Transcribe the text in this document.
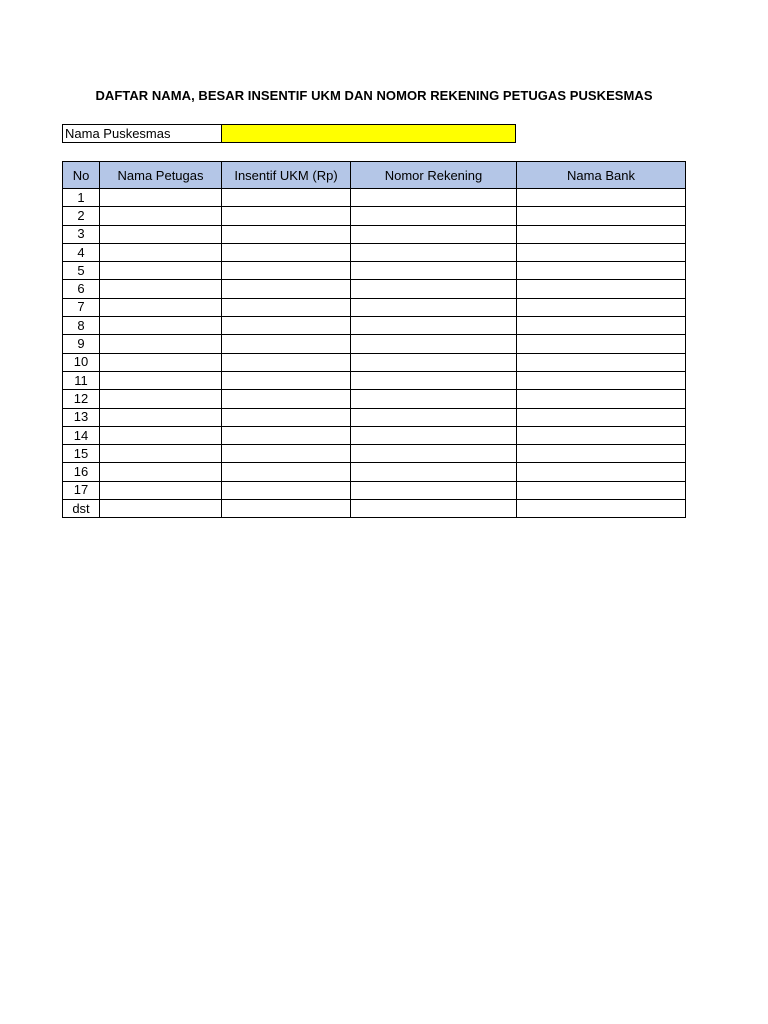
DAFTAR NAMA, BESAR INSENTIF UKM DAN NOMOR REKENING PETUGAS PUSKESMAS
Nama Puskesmas
No	Nama Petugas	Insentif UKM (Rp)	Nomor Rekening	Nama Bank
1				
2				
3				
4				
5				
6				
7				
8				
9				
10				
11				
12				
13				
14				
15				
16				
17				
dst				
